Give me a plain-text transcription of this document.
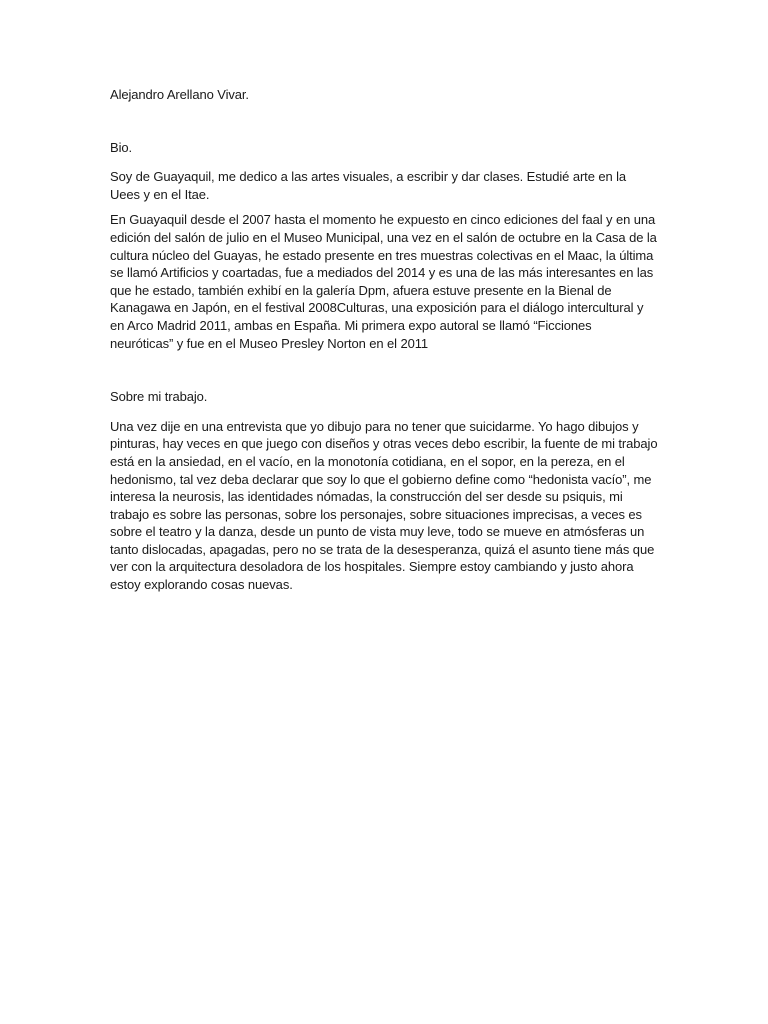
Alejandro Arellano Vivar.

Bio.

Soy de Guayaquil, me dedico a las artes visuales, a escribir y dar clases. Estudié arte en la Uees y en el Itae.

En Guayaquil desde el 2007 hasta el momento he expuesto en cinco ediciones del faal y en una edición del salón de julio en el Museo Municipal, una vez en el salón de octubre en la Casa de la cultura núcleo del Guayas, he estado presente en tres muestras colectivas en el Maac, la última se llamó Artificios y coartadas, fue a mediados del 2014 y es una de las más interesantes en las que he estado, también exhibí en la galería Dpm, afuera estuve presente en la Bienal de Kanagawa en Japón, en el festival 2008Culturas, una exposición para el diálogo intercultural y en Arco Madrid 2011, ambas en España. Mi primera expo autoral se llamó “Ficciones neuróticas” y fue en el Museo Presley Norton en el 2011

Sobre mi trabajo.

Una vez dije en una entrevista que yo dibujo para no tener que suicidarme. Yo hago dibujos y pinturas, hay veces en que juego con diseños y otras veces debo escribir, la fuente de mi trabajo está en la ansiedad, en el vacío, en la monotonía cotidiana, en el sopor, en la pereza, en el hedonismo, tal vez deba declarar que soy lo que el gobierno define como “hedonista vacío”, me interesa la neurosis, las identidades nómadas, la construcción del ser desde su psiquis, mi trabajo es sobre las personas, sobre los personajes, sobre situaciones imprecisas, a veces es sobre el teatro y la danza, desde un punto de vista muy leve, todo se mueve en atmósferas un tanto dislocadas, apagadas, pero no se trata de la desesperanza, quizá el asunto tiene más que ver con la arquitectura desoladora de los hospitales. Siempre estoy cambiando y justo ahora estoy explorando cosas nuevas.
